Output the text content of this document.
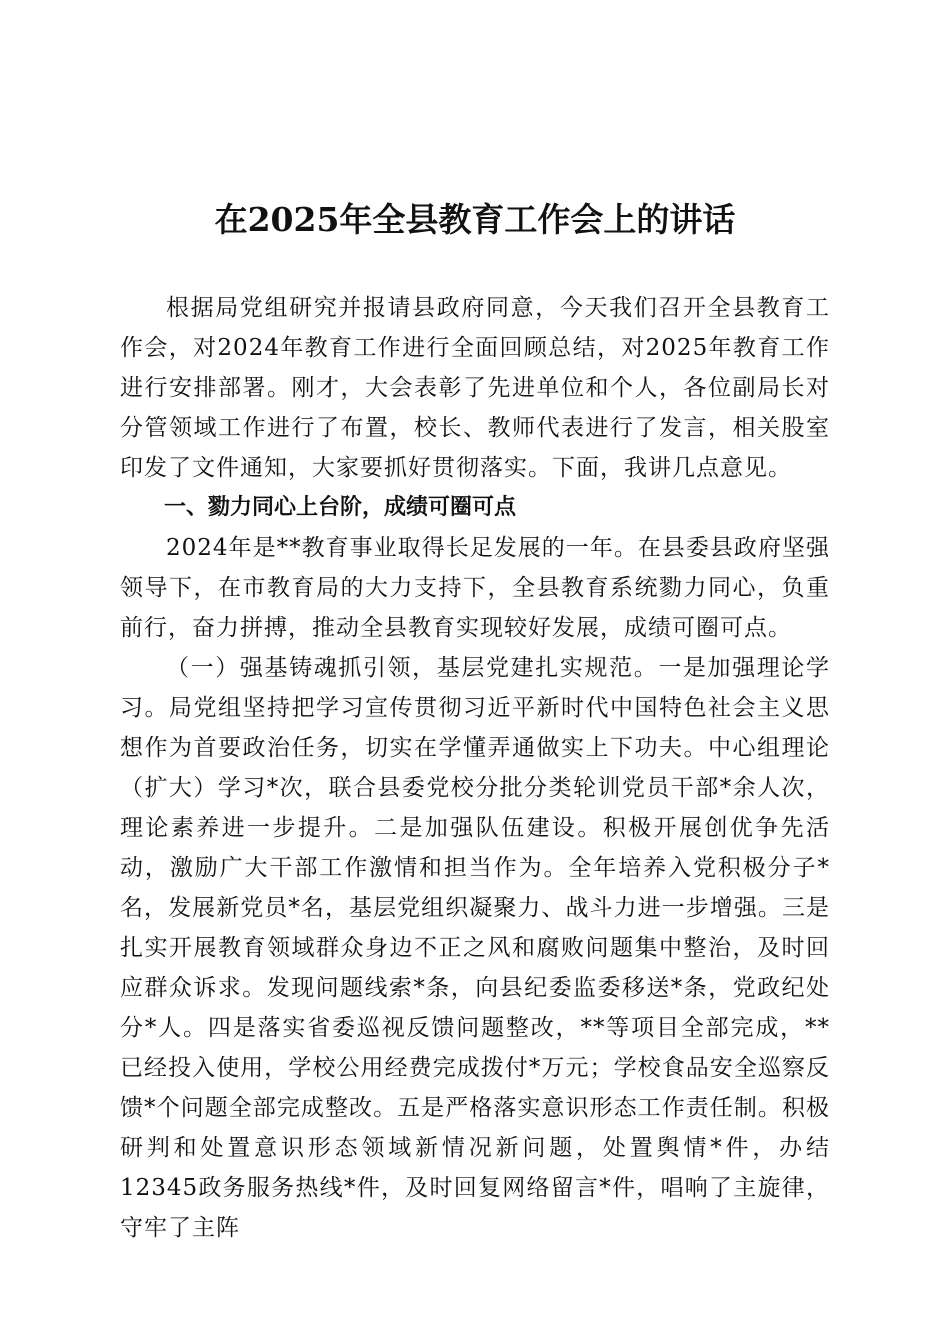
在2025年全县教育工作会上的讲话

根据局党组研究并报请县政府同意，今天我们召开全县教育工作会，对2024年教育工作进行全面回顾总结，对2025年教育工作进行安排部署。刚才，大会表彰了先进单位和个人，各位副局长对分管领域工作进行了布置，校长、教师代表进行了发言，相关股室印发了文件通知，大家要抓好贯彻落实。下面，我讲几点意见。

一、勠力同心上台阶，成绩可圈可点

2024年是**教育事业取得长足发展的一年。在县委县政府坚强领导下，在市教育局的大力支持下，全县教育系统勠力同心，负重前行，奋力拼搏，推动全县教育实现较好发展，成绩可圈可点。

（一）强基铸魂抓引领，基层党建扎实规范。一是加强理论学习。局党组坚持把学习宣传贯彻习近平新时代中国特色社会主义思想作为首要政治任务，切实在学懂弄通做实上下功夫。中心组理论（扩大）学习*次，联合县委党校分批分类轮训党员干部*余人次，理论素养进一步提升。二是加强队伍建设。积极开展创优争先活动，激励广大干部工作激情和担当作为。全年培养入党积极分子*名，发展新党员*名，基层党组织凝聚力、战斗力进一步增强。三是扎实开展教育领域群众身边不正之风和腐败问题集中整治，及时回应群众诉求。发现问题线索*条，向县纪委监委移送*条，党政纪处分*人。四是落实省委巡视反馈问题整改，**等项目全部完成，**已经投入使用，学校公用经费完成拨付*万元；学校食品安全巡察反馈*个问题全部完成整改。五是严格落实意识形态工作责任制。积极研判和处置意识形态领域新情况新问题，处置舆情*件，办结12345政务服务热线*件，及时回复网络留言*件，唱响了主旋律，守牢了主阵
